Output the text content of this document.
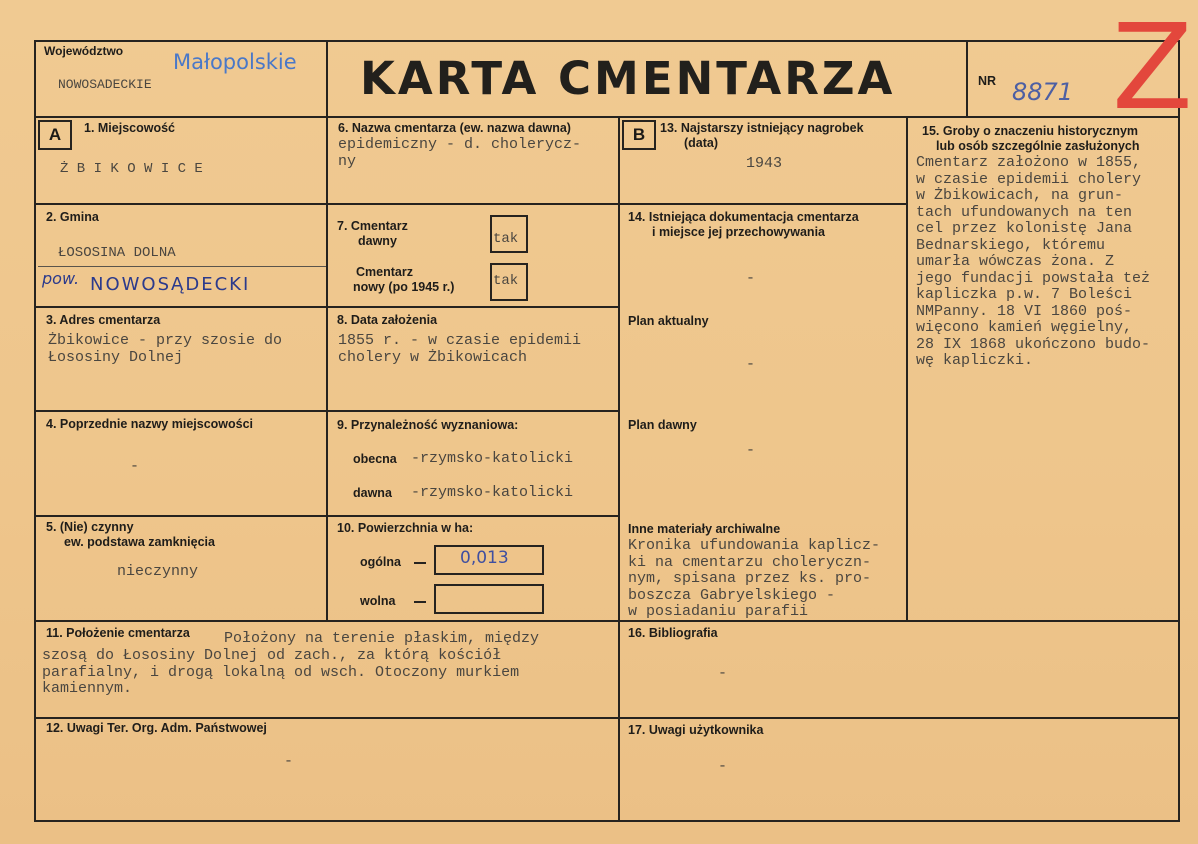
Województwo Małopolskie
NOWOSADECKIE	KARTA CMENTARZA	NR 8871 Z
A	1. Miejscowość
Ż B I K O W I C E
2. Gmina
ŁOSOSINA DOLNA
pow. NOWOSĄDECKI
3. Adres cmentarza
Żbikowice - przy szosie do
Łososiny Dolnej
4. Poprzednie nazwy miejscowości
-
5. (Nie) czynny
ew. podstawa zamknięcia
nieczynny
6. Nazwa cmentarza (ew. nazwa dawna)
epidemiczny - d. cholerycz-
ny
7. Cmentarz
dawny	tak
Cmentarz
nowy (po 1945 r.)	tak
8. Data założenia
1855 r. - w czasie epidemii
cholery w Żbikowicach
9. Przynależność wyznaniowa:
obecna -rzymsko-katolicki
dawna -rzymsko-katolicki
10. Powierzchnia w ha:
ogólna	0,013
wolna
B	13. Najstarszy istniejący nagrobek
(data)
1943
14. Istniejąca dokumentacja cmentarza
i miejsce jej przechowywania
-
Plan aktualny
-
Plan dawny
-
Inne materiały archiwalne
Kronika ufundowania kaplicz-
ki na cmentarzu choleryczn-
nym, spisana przez ks. pro-
boszcza Gabryelskiego -
w posiadaniu parafii
15. Groby o znaczeniu historycznym
lub osób szczególnie zasłużonych
Cmentarz założono w 1855,
w czasie epidemii cholery
w Żbikowicach, na grun-
tach ufundowanych na ten
cel przez kolonistę Jana
Bednarskiego, któremu
umarła wówczas żona. Z
jego fundacji powstała też
kapliczka p.w. 7 Boleści
NMPanny. 18 VI 1860 poś-
więcono kamień węgielny,
28 IX 1868 ukończono budo-
wę kapliczki.
11. Położenie cmentarza Położony na terenie płaskim, między
szosą do Łososiny Dolnej od zach., za którą kościół
parafialny, i drogą lokalną od wsch. Otoczony murkiem
kamiennym.
16. Bibliografia
-
12. Uwagi Ter. Org. Adm. Państwowej
-
17. Uwagi użytkownika
-
